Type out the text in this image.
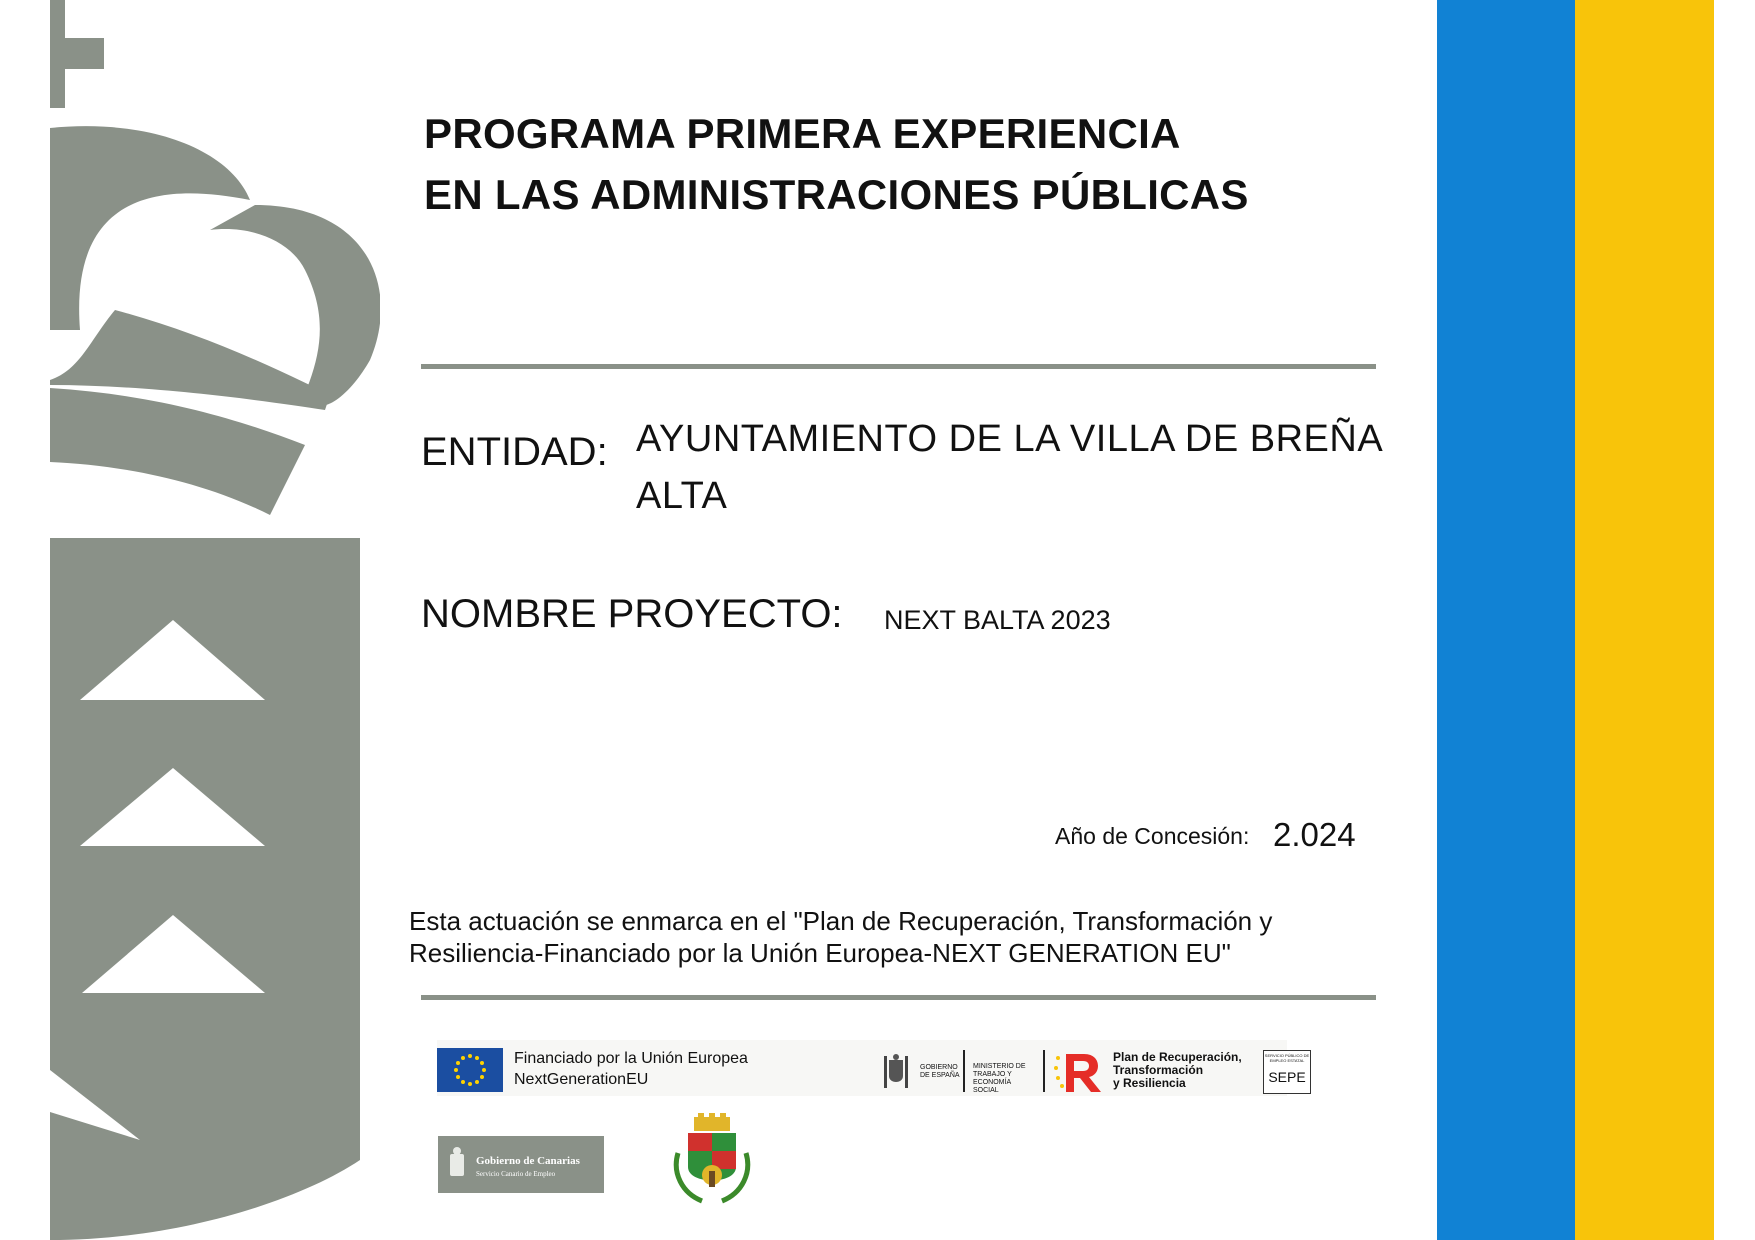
PROGRAMA PRIMERA EXPERIENCIA
EN LAS ADMINISTRACIONES PÚBLICAS
ENTIDAD: AYUNTAMIENTO DE LA VILLA DE BREÑA
ALTA
NOMBRE PROYECTO: NEXT BALTA 2023
Año de Concesión: 2.024
Esta actuación se enmarca en el "Plan de Recuperación, Transformación y
Resiliencia-Financiado por la Unión Europea-NEXT GENERATION EU"
Financiado por la Unión Europea
NextGenerationEU
GOBIERNO DE ESPAÑA
MINISTERIO DE TRABAJO Y ECONOMÍA SOCIAL
Plan de Recuperación,
Transformación
y Resiliencia
SERVICIO PÚBLICO DE EMPLEO ESTATAL
SEPE
Gobierno de Canarias
Servicio Canario de Empleo
